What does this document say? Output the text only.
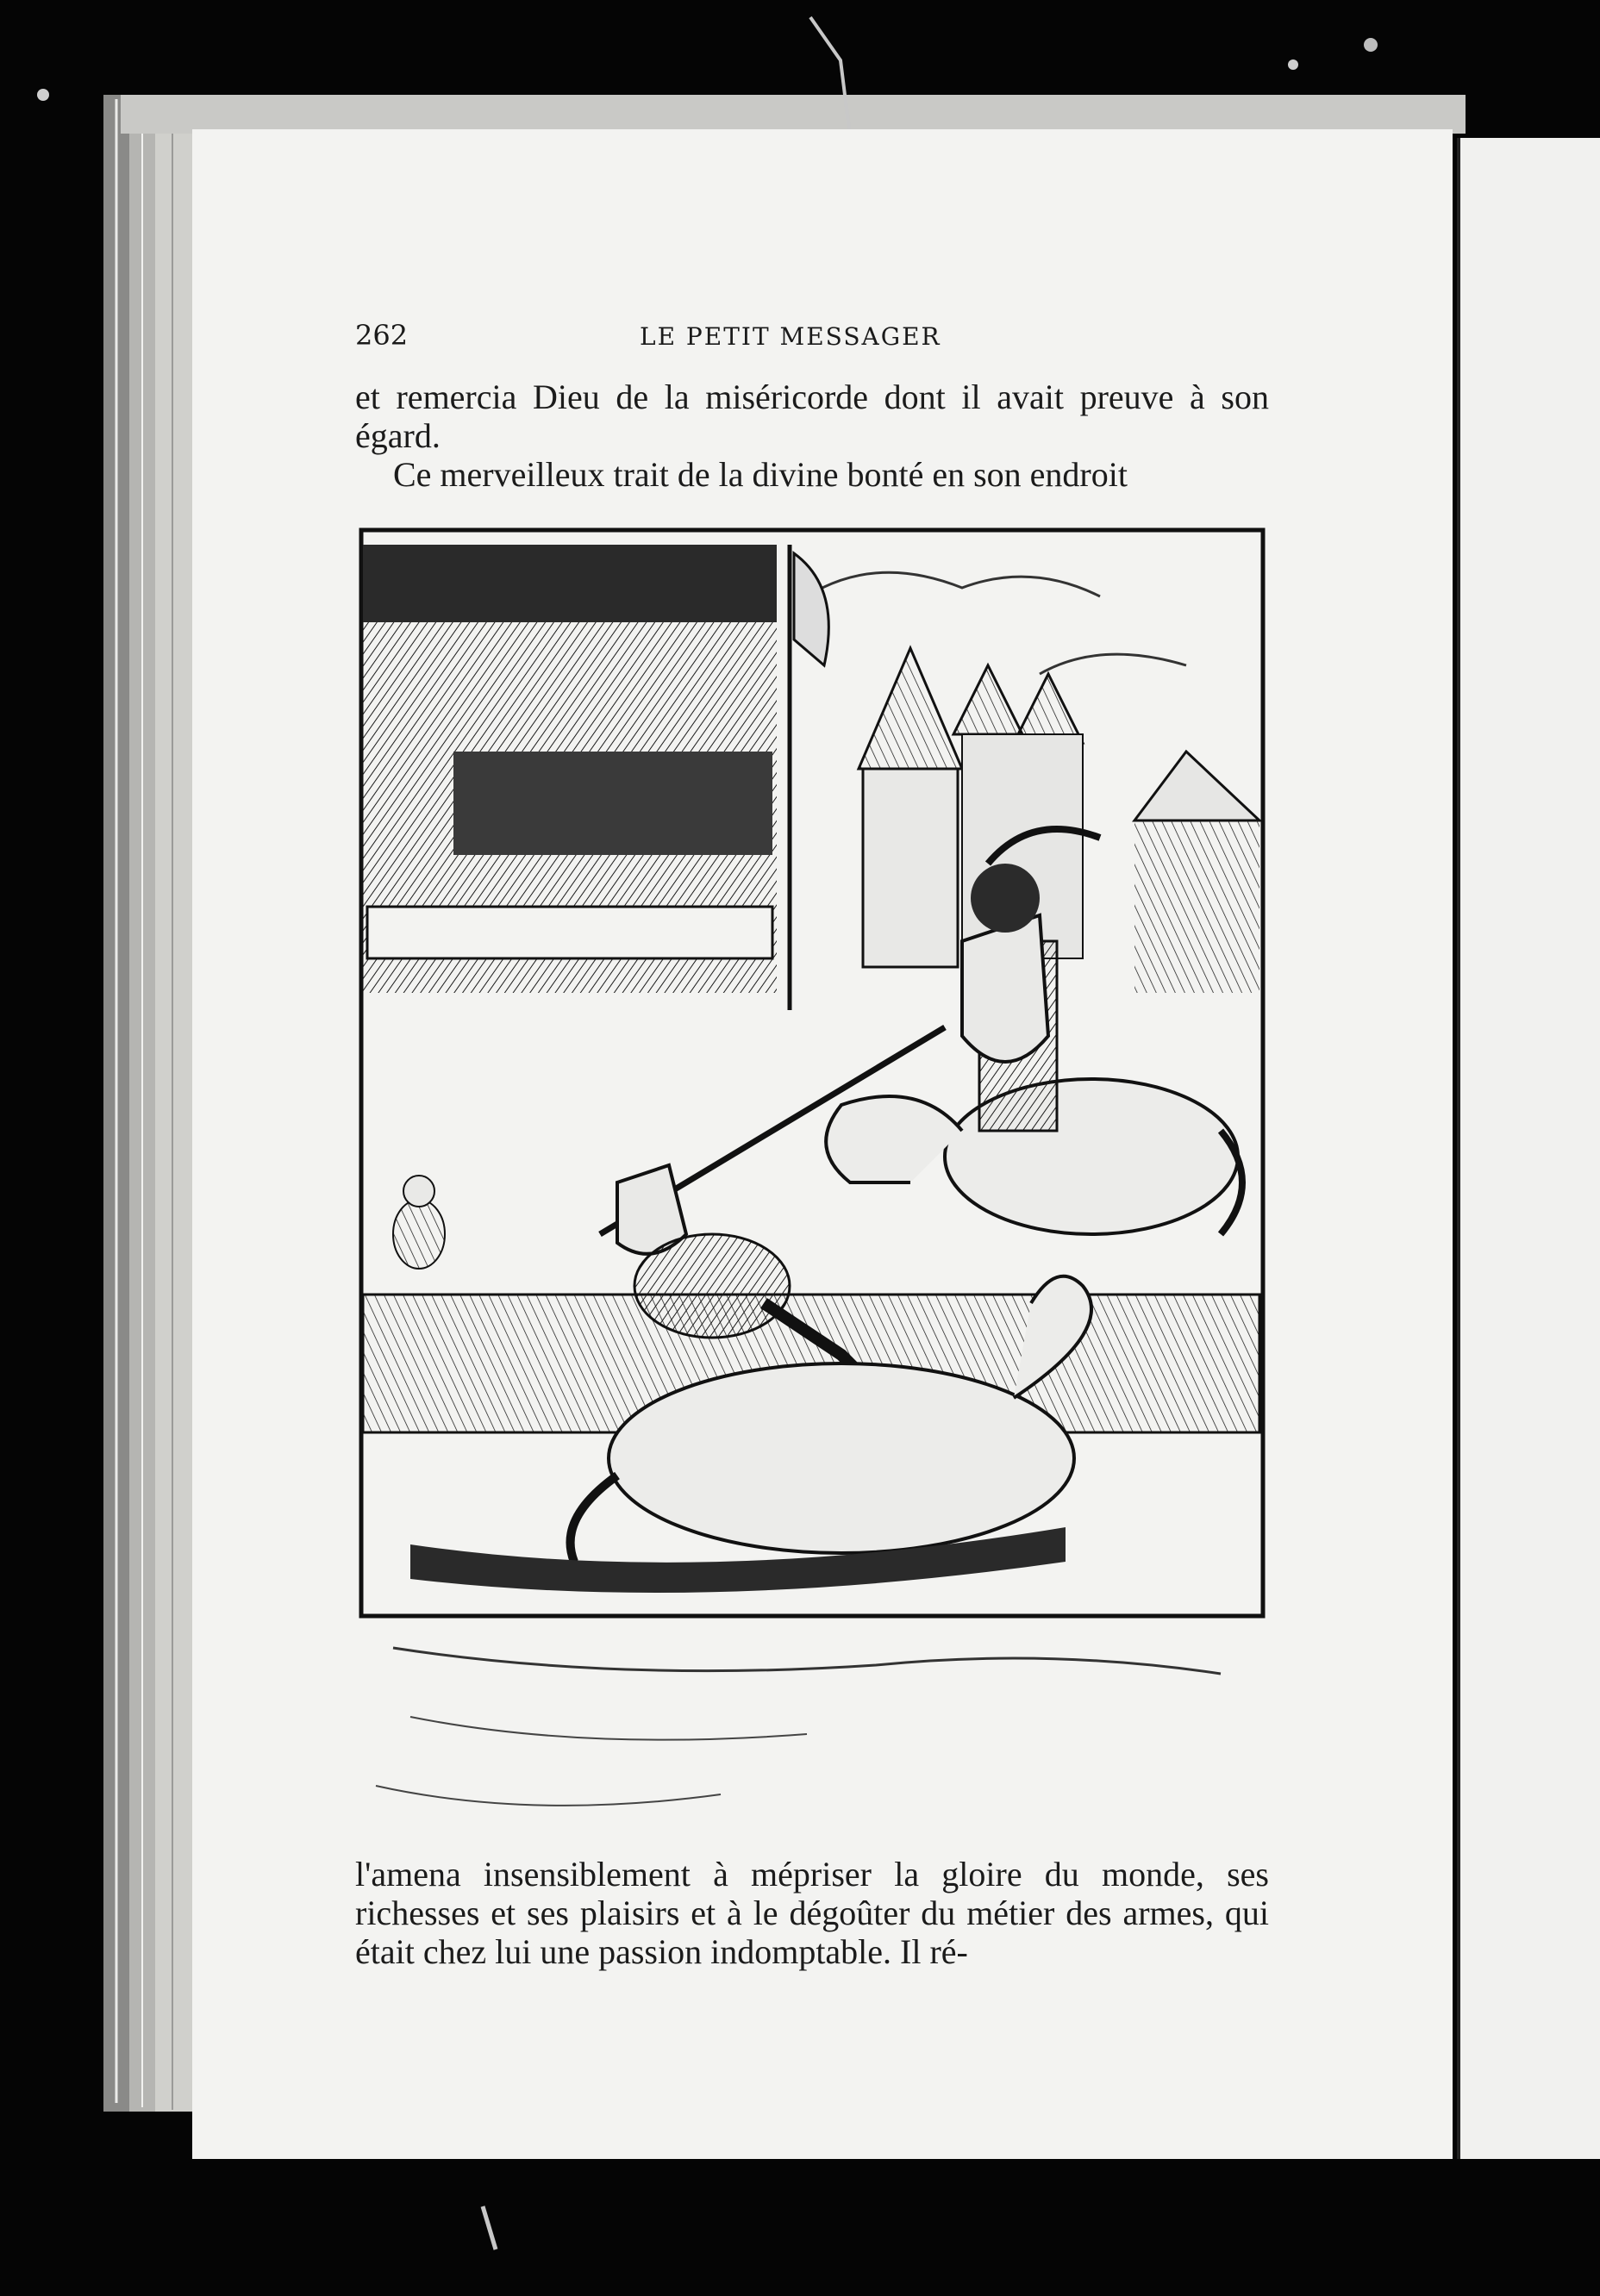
262	LE PETIT MESSAGER

et remercia Dieu de la miséricorde dont il avait preuve à son égard.

Ce merveilleux trait de la divine bonté en son endroit

l'amena insensiblement à mépriser la gloire du monde, ses richesses et ses plaisirs et à le dégoûter du métier des armes, qui était chez lui une passion indomptable. Il ré-
